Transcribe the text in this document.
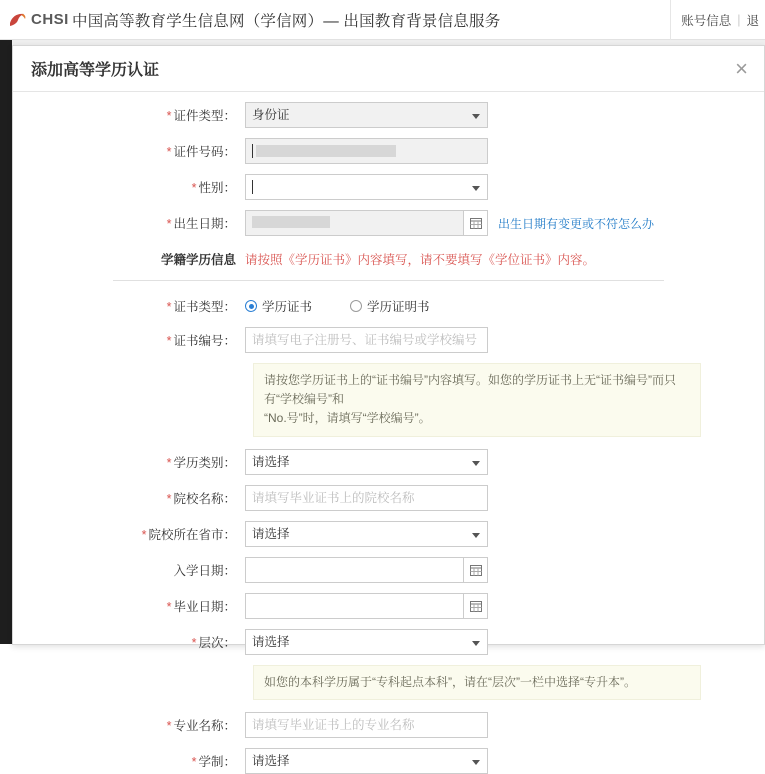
CHSI 中国高等教育学生信息网（学信网）— 出国教育背景信息服务	账号信息 | 退
添加高等学历认证	×
* 证件类型：	身份证
* 证件号码：
* 性别：
* 出生日期：	出生日期有变更或不符怎么办
学籍学历信息 请按照《学历证书》内容填写，请不要填写《学位证书》内容。
* 证书类型：	学历证书	学历证明书
* 证书编号：	请填写电子注册号、证书编号或学校编号
请按您学历证书上的“证书编号”内容填写。如您的学历证书上无“证书编号”而只有“学校编号”和
“No.号”时，请填写“学校编号”。
* 学历类别：	请选择
* 院校名称：	请填写毕业证书上的院校名称
* 院校所在省市：	请选择
入学日期：
* 毕业日期：
* 层次：	请选择
如您的本科学历属于“专科起点本科”，请在“层次”一栏中选择“专升本”。
* 专业名称：	请填写毕业证书上的专业名称
* 学制：	请选择
